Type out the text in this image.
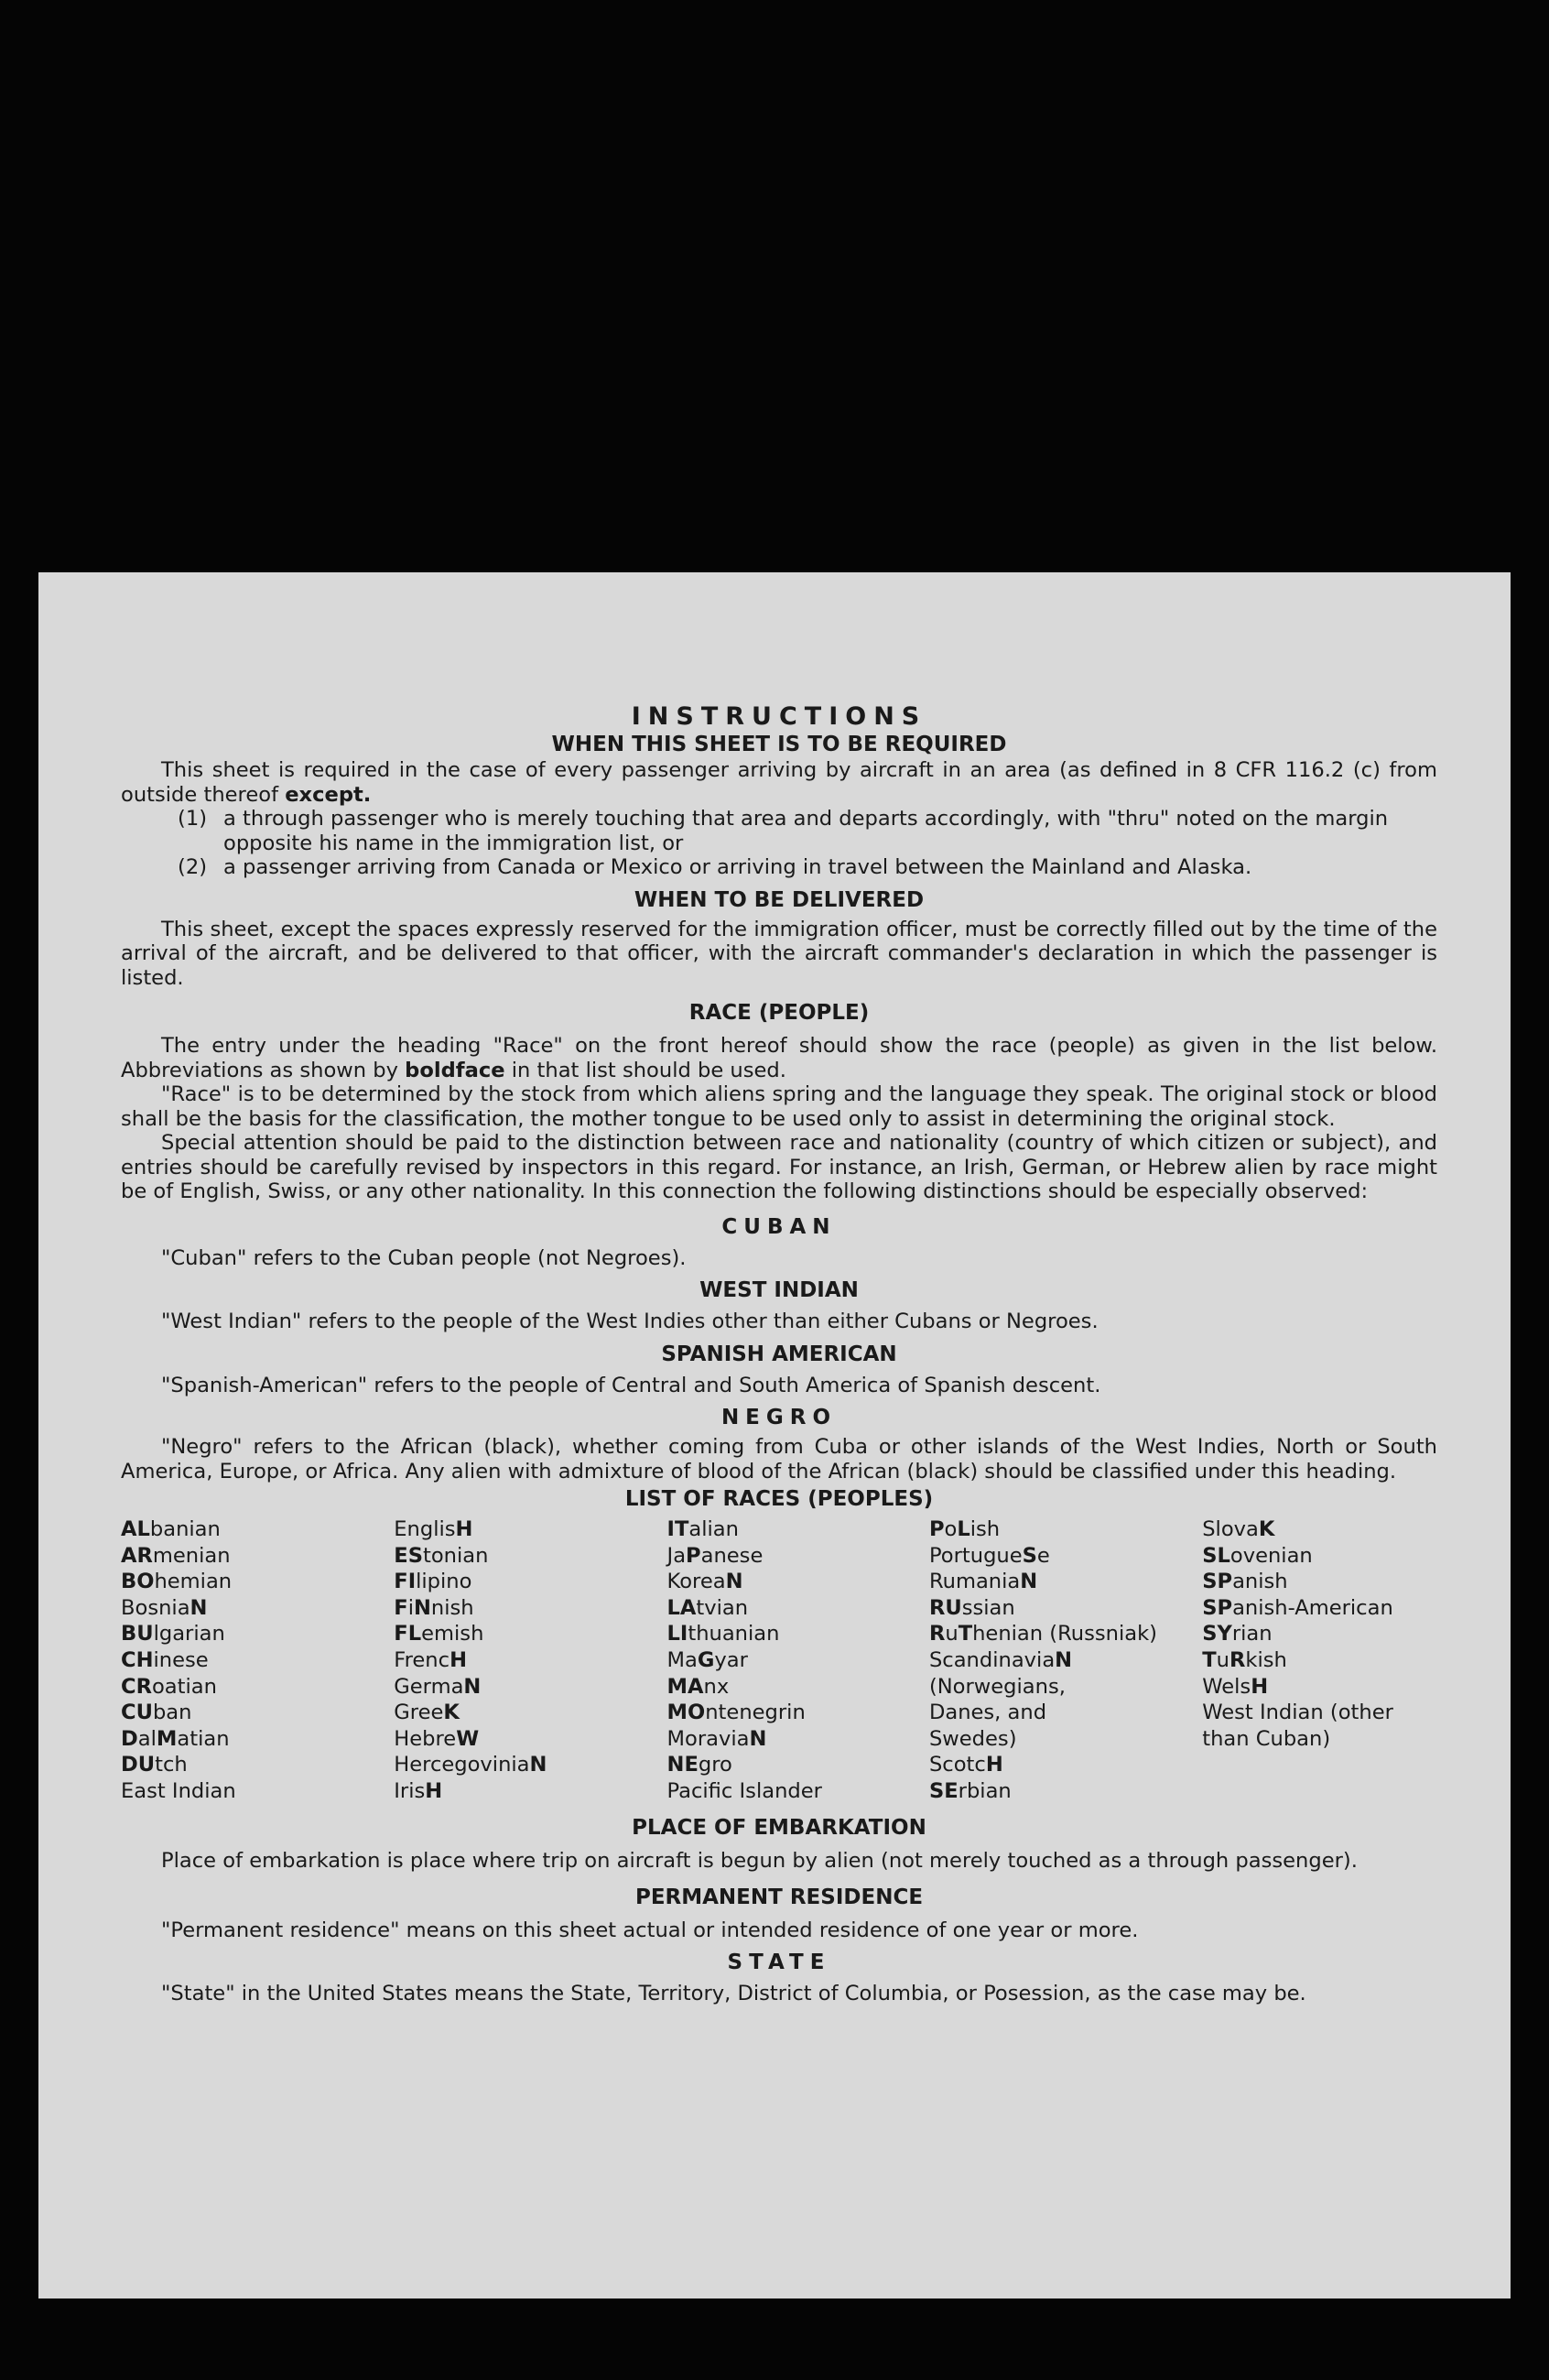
INSTRUCTIONS
WHEN THIS SHEET IS TO BE REQUIRED

This sheet is required in the case of every passenger arriving by aircraft in an area (as defined in 8 CFR 116.2 (c) from outside thereof except.

(1) a through passenger who is merely touching that area and departs accordingly, with "thru" noted on the margin opposite his name in the immigration list, or
(2) a passenger arriving from Canada or Mexico or arriving in travel between the Mainland and Alaska.
WHEN TO BE DELIVERED

This sheet, except the spaces expressly reserved for the immigration officer, must be correctly filled out by the time of the arrival of the aircraft, and be delivered to that officer, with the aircraft commander's declaration in which the passenger is listed.

RACE (PEOPLE)

The entry under the heading "Race" on the front hereof should show the race (people) as given in the list below. Abbreviations as shown by boldface in that list should be used.

"Race" is to be determined by the stock from which aliens spring and the language they speak. The original stock or blood shall be the basis for the classification, the mother tongue to be used only to assist in determining the original stock.

Special attention should be paid to the distinction between race and nationality (country of which citizen or subject), and entries should be carefully revised by inspectors in this regard. For instance, an Irish, German, or Hebrew alien by race might be of English, Swiss, or any other nationality. In this connection the following distinctions should be especially observed:

CUBAN

"Cuban" refers to the Cuban people (not Negroes).

WEST INDIAN

"West Indian" refers to the people of the West Indies other than either Cubans or Negroes.

SPANISH AMERICAN

"Spanish-American" refers to the people of Central and South America of Spanish descent.

NEGRO

"Negro" refers to the African (black), whether coming from Cuba or other islands of the West Indies, North or South America, Europe, or Africa. Any alien with admixture of blood of the African (black) should be classified under this heading.

LIST OF RACES (PEOPLES)
ALbanian
ARmenian
BOhemian
BosniaN
BUlgarian
CHinese
CRoatian
CUban
DalMatian
DUtch
East Indian
EnglisH
EStonian
FIlipino
FiNnish
FLemish
FrencH
GermaN
GreeK
HebreW
HercegoviniaN
IrisH
ITalian
JaPanese
KoreaN
LAtvian
LIthuanian
MaGyar
MAnx
MOntenegrin
MoraviaN
NEgro
Pacific Islander
PoLish
PortugueSe
RumaniaN
RUssian
RuThenian (Russniak)
ScandinaviaN
(Norwegians,
Danes, and
Swedes)
ScotcH
SErbian
SlovaK
SLovenian
SPanish
SPanish-American
SYrian
TuRkish
WelsH
West Indian (other
than Cuban)
PLACE OF EMBARKATION

Place of embarkation is place where trip on aircraft is begun by alien (not merely touched as a through passenger).

PERMANENT RESIDENCE

"Permanent residence" means on this sheet actual or intended residence of one year or more.

STATE

"State" in the United States means the State, Territory, District of Columbia, or Posession, as the case may be.
